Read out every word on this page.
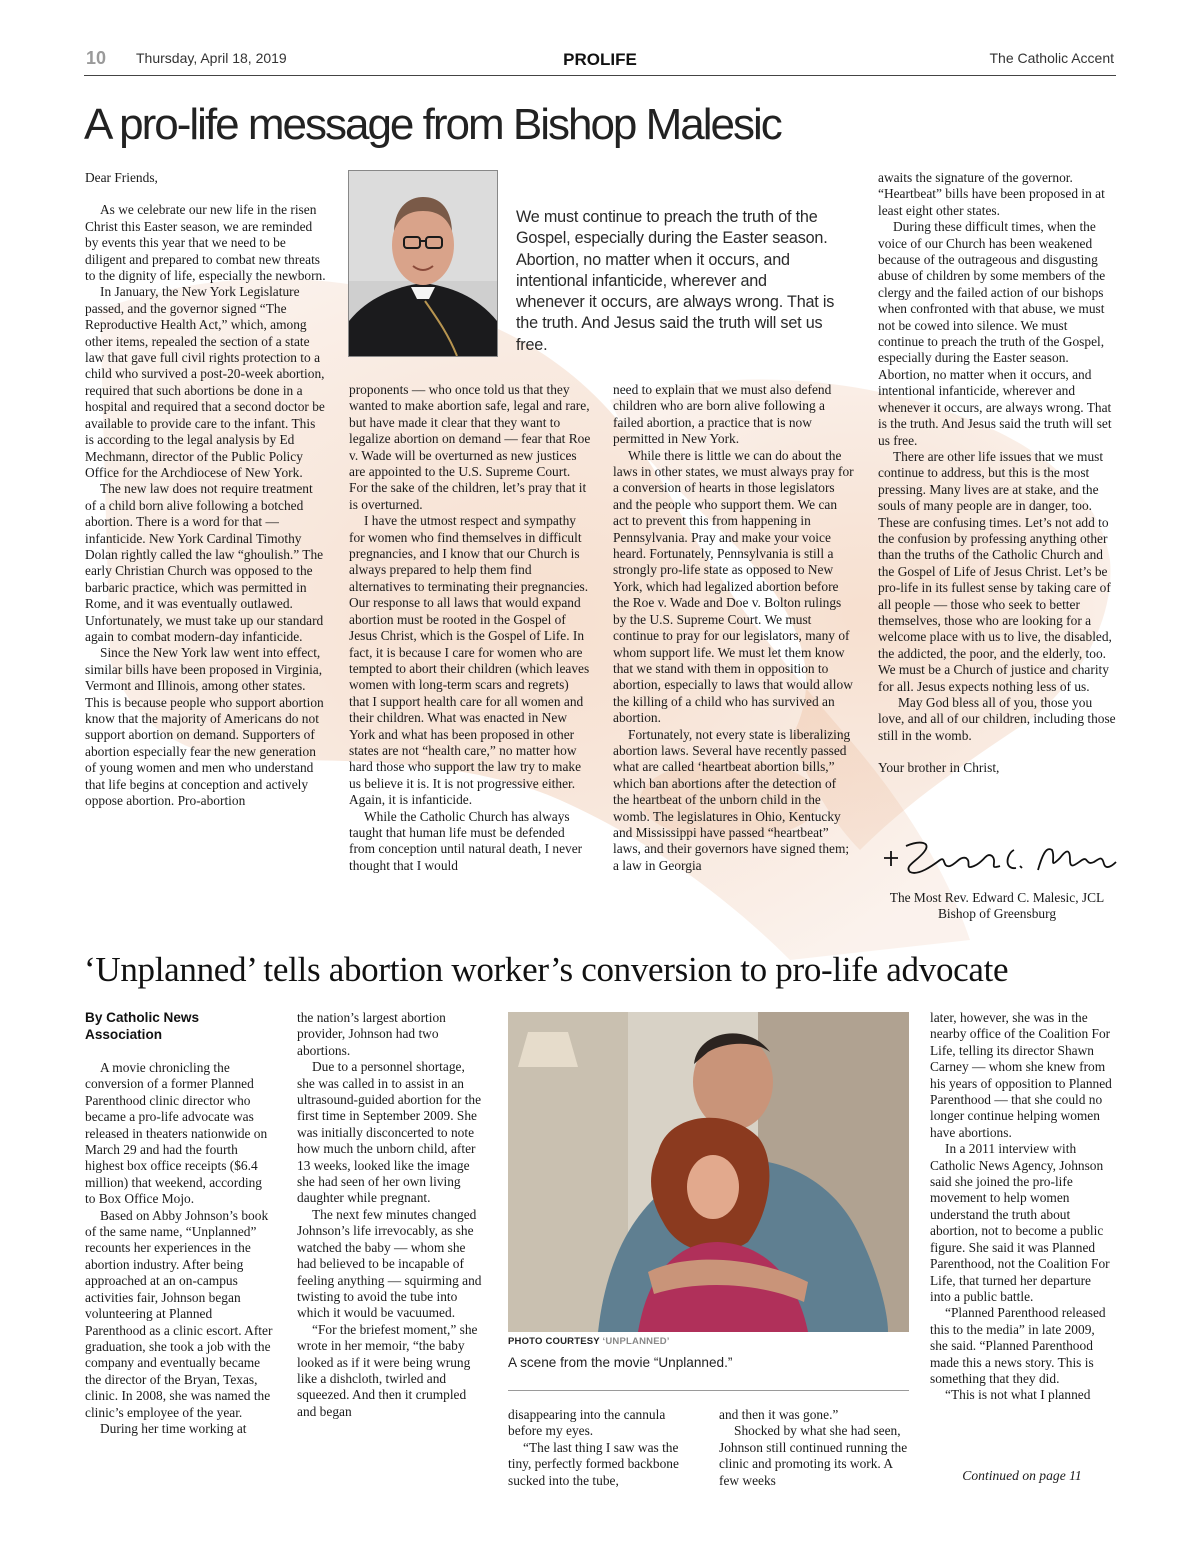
10 Thursday, April 18, 2019	PROLIFE	The Catholic Accent
A pro-life message from Bishop Malesic

Dear Friends,

As we celebrate our new life in the risen Christ this Easter season, we are reminded by events this year that we need to be diligent and prepared to combat new threats to the dignity of life, especially the newborn.

In January, the New York Legislature passed, and the governor signed “The Reproductive Health Act,” which, among other items, repealed the section of a state law that gave full civil rights protection to a child who survived a post-20-week abortion, required that such abortions be done in a hospital and required that a second doctor be available to provide care to the infant. This is according to the legal analysis by Ed Mechmann, director of the Public Policy Office for the Archdiocese of New York.

The new law does not require treatment of a child born alive following a botched abortion. There is a word for that — infanticide. New York Cardinal Timothy Dolan rightly called the law “ghoulish.” The early Christian Church was opposed to the barbaric practice, which was permitted in Rome, and it was eventually outlawed. Unfortunately, we must take up our standard again to combat modern-day infanticide.

Since the New York law went into effect, similar bills have been proposed in Virginia, Vermont and Illinois, among other states. This is because people who support abortion know that the majority of Americans do not support abortion on demand. Supporters of abortion especially fear the new generation of young women and men who understand that life begins at conception and actively oppose abortion. Pro-abortion

We must continue to preach the truth of the Gospel, especially during the Easter season. Abortion, no matter when it occurs, and intentional infanticide, wherever and whenever it occurs, are always wrong. That is the truth. And Jesus said the truth will set us free.

proponents — who once told us that they wanted to make abortion safe, legal and rare, but have made it clear that they want to legalize abortion on demand — fear that Roe v. Wade will be overturned as new justices are appointed to the U.S. Supreme Court. For the sake of the children, let’s pray that it is overturned.

I have the utmost respect and sympathy for women who find themselves in difficult pregnancies, and I know that our Church is always prepared to help them find alternatives to terminating their pregnancies. Our response to all laws that would expand abortion must be rooted in the Gospel of Jesus Christ, which is the Gospel of Life. In fact, it is because I care for women who are tempted to abort their children (which leaves women with long-term scars and regrets) that I support health care for all women and their children. What was enacted in New York and what has been proposed in other states are not “health care,” no matter how hard those who support the law try to make us believe it is. It is not progressive either. Again, it is infanticide.

While the Catholic Church has always taught that human life must be defended from conception until natural death, I never thought that I would

need to explain that we must also defend children who are born alive following a failed abortion, a practice that is now permitted in New York.

While there is little we can do about the laws in other states, we must always pray for a conversion of hearts in those legislators and the people who support them. We can act to prevent this from happening in Pennsylvania. Pray and make your voice heard. Fortunately, Pennsylvania is still a strongly pro-life state as opposed to New York, which had legalized abortion before the Roe v. Wade and Doe v. Bolton rulings by the U.S. Supreme Court. We must continue to pray for our legislators, many of whom support life. We must let them know that we stand with them in opposition to abortion, especially to laws that would allow the killing of a child who has survived an abortion.

Fortunately, not every state is liberalizing abortion laws. Several have recently passed what are called ‘heartbeat abortion bills,” which ban abortions after the detection of the heartbeat of the unborn child in the womb. The legislatures in Ohio, Kentucky and Mississippi have passed “heartbeat” laws, and their governors have signed them; a law in Georgia

awaits the signature of the governor. “Heartbeat” bills have been proposed in at least eight other states.

During these difficult times, when the voice of our Church has been weakened because of the outrageous and disgusting abuse of children by some members of the clergy and the failed action of our bishops when confronted with that abuse, we must not be cowed into silence. We must continue to preach the truth of the Gospel, especially during the Easter season. Abortion, no matter when it occurs, and intentional infanticide, wherever and whenever it occurs, are always wrong. That is the truth. And Jesus said the truth will set us free.

There are other life issues that we must continue to address, but this is the most pressing. Many lives are at stake, and the souls of many people are in danger, too. These are confusing times. Let’s not add to the confusion by professing anything other than the truths of the Catholic Church and the Gospel of Life of Jesus Christ. Let’s be pro-life in its fullest sense by taking care of all people — those who seek to better themselves, those who are looking for a welcome place with us to live, the disabled, the addicted, the poor, and the elderly, too. We must be a Church of justice and charity for all. Jesus expects nothing less of us.

May God bless all of you, those you love, and all of our children, including those still in the womb.

Your brother in Christ,

The Most Rev. Edward C. Malesic, JCL
Bishop of Greensburg
‘Unplanned’ tells abortion worker’s conversion to pro-life advocate
By Catholic News Association

A movie chronicling the conversion of a former Planned Parenthood clinic director who became a pro-life advocate was released in theaters nationwide on March 29 and had the fourth highest box office receipts ($6.4 million) that weekend, according to Box Office Mojo.

Based on Abby Johnson’s book of the same name, “Unplanned” recounts her experiences in the abortion industry. After being approached at an on-campus activities fair, Johnson began volunteering at Planned Parenthood as a clinic escort. After graduation, she took a job with the company and eventually became the director of the Bryan, Texas, clinic. In 2008, she was named the clinic’s employee of the year.

During her time working at

the nation’s largest abortion provider, Johnson had two abortions.

Due to a personnel shortage, she was called in to assist in an ultrasound-guided abortion for the first time in September 2009. She was initially disconcerted to note how much the unborn child, after 13 weeks, looked like the image she had seen of her own living daughter while pregnant.

The next few minutes changed Johnson’s life irrevocably, as she watched the baby — whom she had believed to be incapable of feeling anything — squirming and twisting to avoid the tube into which it would be vacuumed.

“For the briefest moment,” she wrote in her memoir, “the baby looked as if it were being wrung like a dishcloth, twirled and squeezed. And then it crumpled and began

PHOTO COURTESY ‘UNPLANNED’
A scene from the movie “Unplanned.”

disappearing into the cannula before my eyes.

“The last thing I saw was the tiny, perfectly formed backbone sucked into the tube,

and then it was gone.”

Shocked by what she had seen, Johnson still continued running the clinic and promoting its work. A few weeks

later, however, she was in the nearby office of the Coalition For Life, telling its director Shawn Carney — whom she knew from his years of opposition to Planned Parenthood — that she could no longer continue helping women have abortions.

In a 2011 interview with Catholic News Agency, Johnson said she joined the pro-life movement to help women understand the truth about abortion, not to become a public figure. She said it was Planned Parenthood, not the Coalition For Life, that turned her departure into a public battle.

“Planned Parenthood released this to the media” in late 2009, she said. “Planned Parenthood made this a news story. This is something that they did.

“This is not what I planned

Continued on page 11
